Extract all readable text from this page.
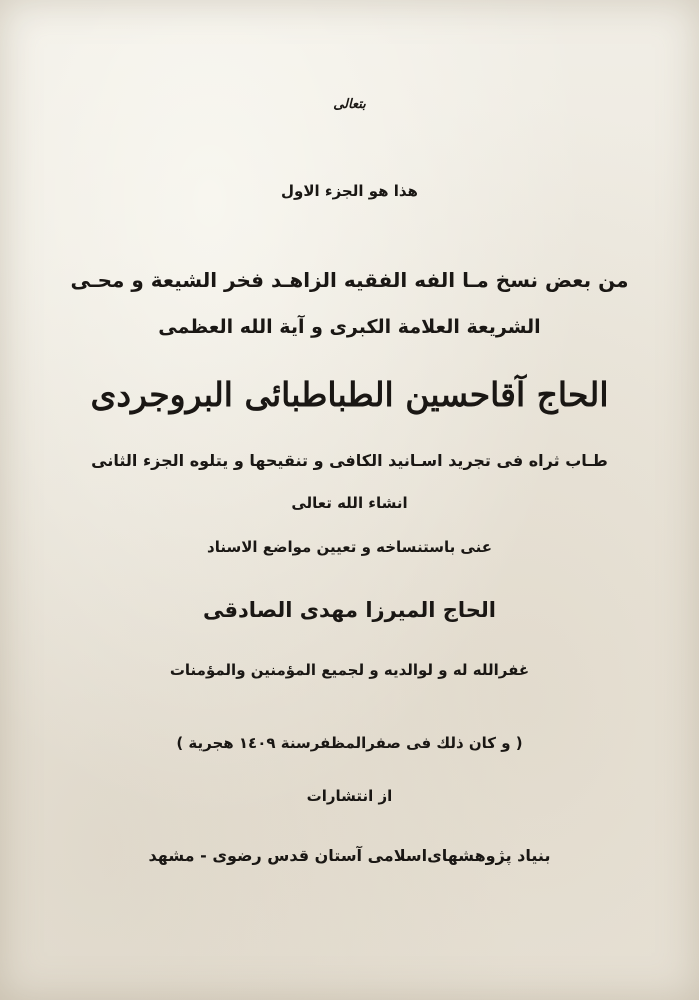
بتعالی
هذا هو الجزء الاول
من بعض نسخ مـا الفه الفقيه الزاهـد فخر الشيعة و محـی
الشريعة العلامة الكبری و آية الله العظمی
الحاج آقاحسين الطباطبائی البروجردی
طـاب ثراه فی تجريد اسـانيد الكافی و تنقيحها و يتلوه الجزء الثانی
انشاء الله تعالی
عنی باستنساخه و تعيين مواضع الاسناد
الحاج الميرزا مهدی الصادقی
غفرالله له و لوالديه و لجميع المؤمنين والمؤمنات
( و كان ذلك فی صفرالمظفرسنة ١٤٠٩ هجرية )
از انتشارات
بنياد پژوهشهای‌اسلامی آستان قدس رضوی - مشهد
